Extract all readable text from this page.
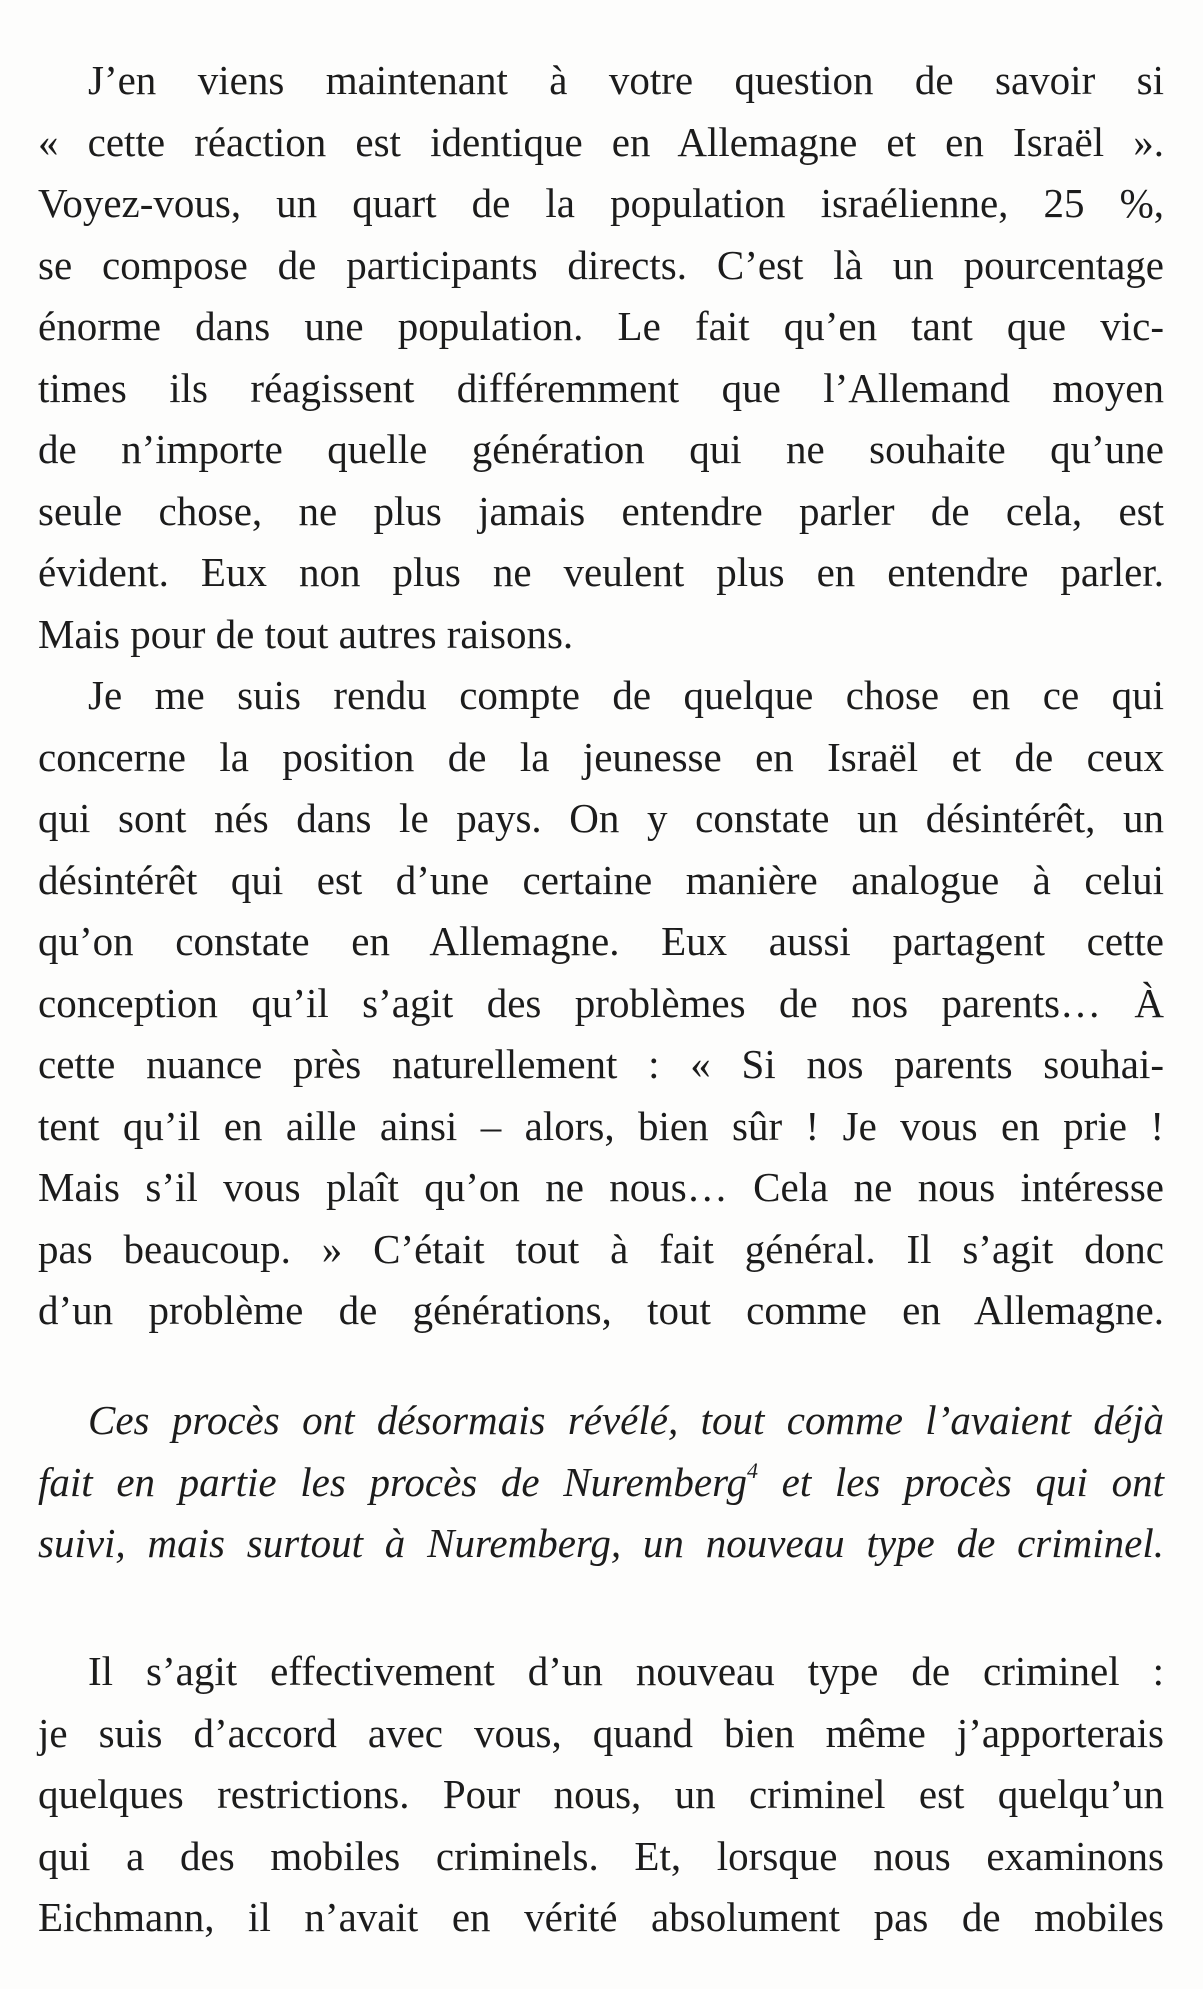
J’en viens maintenant à votre question de savoir si
« cette réaction est identique en Allemagne et en Israël ».
Voyez-vous, un quart de la population israélienne, 25 %,
se compose de participants directs. C’est là un pourcentage
énorme dans une population. Le fait qu’en tant que vic-
times ils réagissent différemment que l’Allemand moyen
de n’importe quelle génération qui ne souhaite qu’une
seule chose, ne plus jamais entendre parler de cela, est
évident. Eux non plus ne veulent plus en entendre parler.
Mais pour de tout autres raisons.
Je me suis rendu compte de quelque chose en ce qui
concerne la position de la jeunesse en Israël et de ceux
qui sont nés dans le pays. On y constate un désintérêt, un
désintérêt qui est d’une certaine manière analogue à celui
qu’on constate en Allemagne. Eux aussi partagent cette
conception qu’il s’agit des problèmes de nos parents… À
cette nuance près naturellement : « Si nos parents souhai-
tent qu’il en aille ainsi – alors, bien sûr ! Je vous en prie !
Mais s’il vous plaît qu’on ne nous… Cela ne nous intéresse
pas beaucoup. » C’était tout à fait général. Il s’agit donc
d’un problème de générations, tout comme en Allemagne.
Ces procès ont désormais révélé, tout comme l’avaient déjà
fait en partie les procès de Nuremberg$^4$ et les procès qui ont
suivi, mais surtout à Nuremberg, un nouveau type de criminel.
Il s’agit effectivement d’un nouveau type de criminel :
je suis d’accord avec vous, quand bien même j’apporterais
quelques restrictions. Pour nous, un criminel est quelqu’un
qui a des mobiles criminels. Et, lorsque nous examinons
Eichmann, il n’avait en vérité absolument pas de mobiles
